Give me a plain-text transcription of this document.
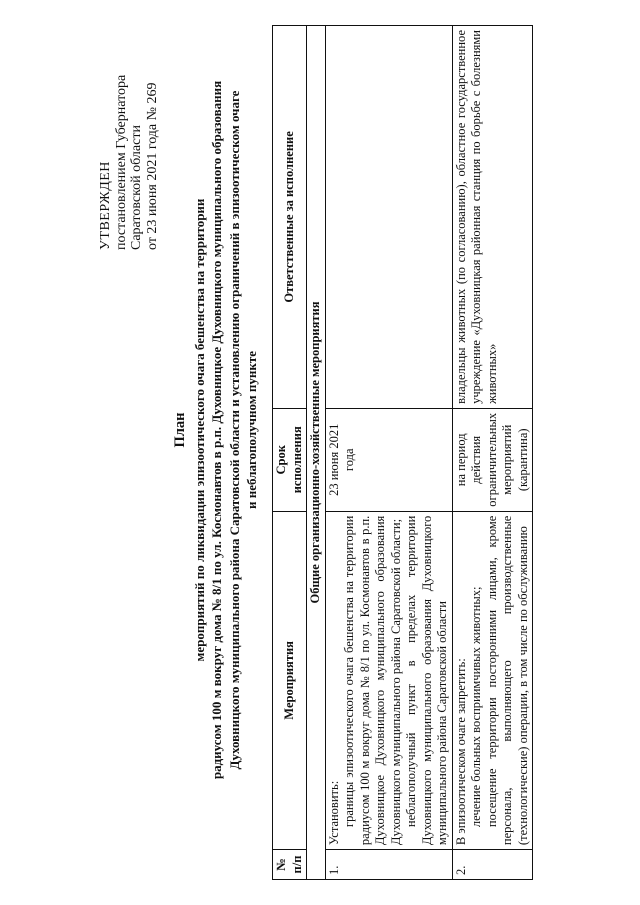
УТВЕРЖДЕН постановлением Губернатора Саратовской области от 23 июня 2021 года № 269
План мероприятий по ликвидации эпизоотического очага бешенства на территории радиусом 100 м вокруг дома № 8/1 по ул. Космонавтов в р.п. Духовницкое Духовницкого муниципального образования Духовницкого муниципального района Саратовской области и установлению ограничений в эпизоотическом очаге и неблагополучном пункте
№ п/п	Мероприятия	Срок исполнения	Ответственные за исполнение
Общие организационно-хозяйственные мероприятия			
1.	Установить: границы эпизоотического очага бешенства на территории радиусом 100 м вокруг дома № 8/1 по ул. Космонавтов в р.п. Духовницкое Духовницкого муниципального образования Духовницкого муниципального района Саратовской области; неблагополучный пункт в пределах территории Духовницкого муниципального образования Духовницкого муниципального района Саратовской области	23 июня 2021 года	
2.	В эпизоотическом очаге запретить: лечение больных восприимчивых животных; посещение территории посторонними лицами, кроме персонала, выполняющего производственные (технологические) операции, в том числе по обслуживанию	на период действия ограничительных мероприятий (карантина)	владельцы животных (по согласованию), областное государственное учреждение «Духовницкая районная станция по борьбе с болезнями животных»
